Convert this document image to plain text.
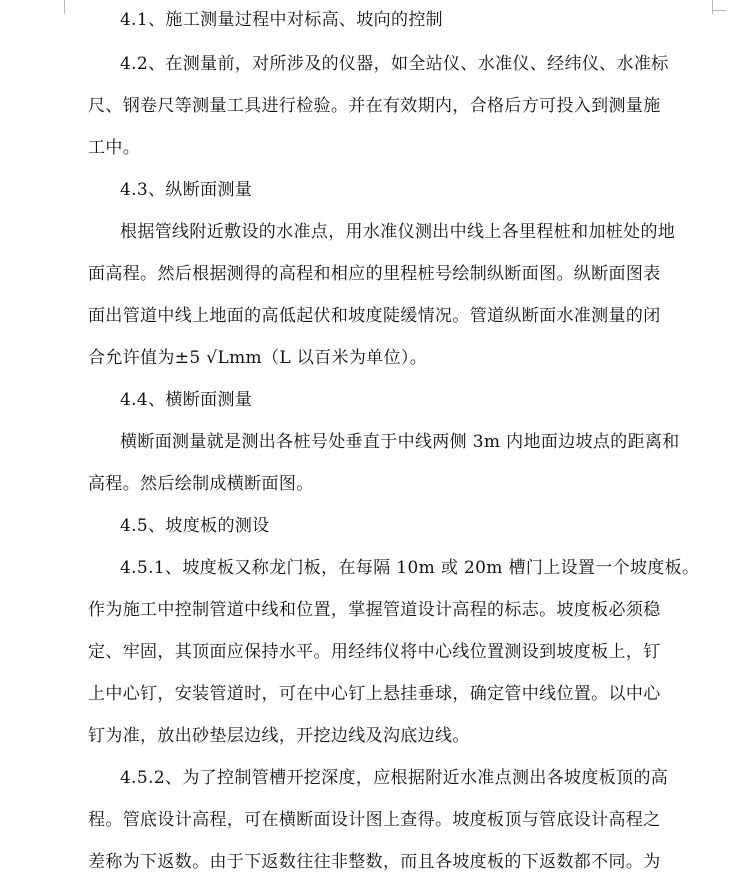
4.1、施工测量过程中对标高、坡向的控制
4.2、在测量前，对所涉及的仪器，如全站仪、水准仪、经纬仪、水准标
尺、钢卷尺等测量工具进行检验。并在有效期内，合格后方可投入到测量施
工中。
4.3、纵断面测量
根据管线附近敷设的水准点，用水准仪测出中线上各里程桩和加桩处的地
面高程。然后根据测得的高程和相应的里程桩号绘制纵断面图。纵断面图表
面出管道中线上地面的高低起伏和坡度陡缓情况。管道纵断面水准测量的闭
合允许值为±5 √Lmm（L 以百米为单位）。
4.4、横断面测量
横断面测量就是测出各桩号处垂直于中线两侧 3m 内地面边坡点的距离和
高程。然后绘制成横断面图。
4.5、坡度板的测设
4.5.1、坡度板又称龙门板，在每隔 10m 或 20m 槽门上设置一个坡度板。
作为施工中控制管道中线和位置，掌握管道设计高程的标志。坡度板必须稳
定、牢固，其顶面应保持水平。用经纬仪将中心线位置测设到坡度板上，钉
上中心钉，安装管道时，可在中心钉上悬挂垂球，确定管中线位置。以中心
钉为准，放出砂垫层边线，开挖边线及沟底边线。
4.5.2、为了控制管槽开挖深度，应根据附近水准点测出各坡度板顶的高
程。管底设计高程，可在横断面设计图上查得。坡度板顶与管底设计高程之
差称为下返数。由于下返数往往非整数，而且各坡度板的下返数都不同。为
